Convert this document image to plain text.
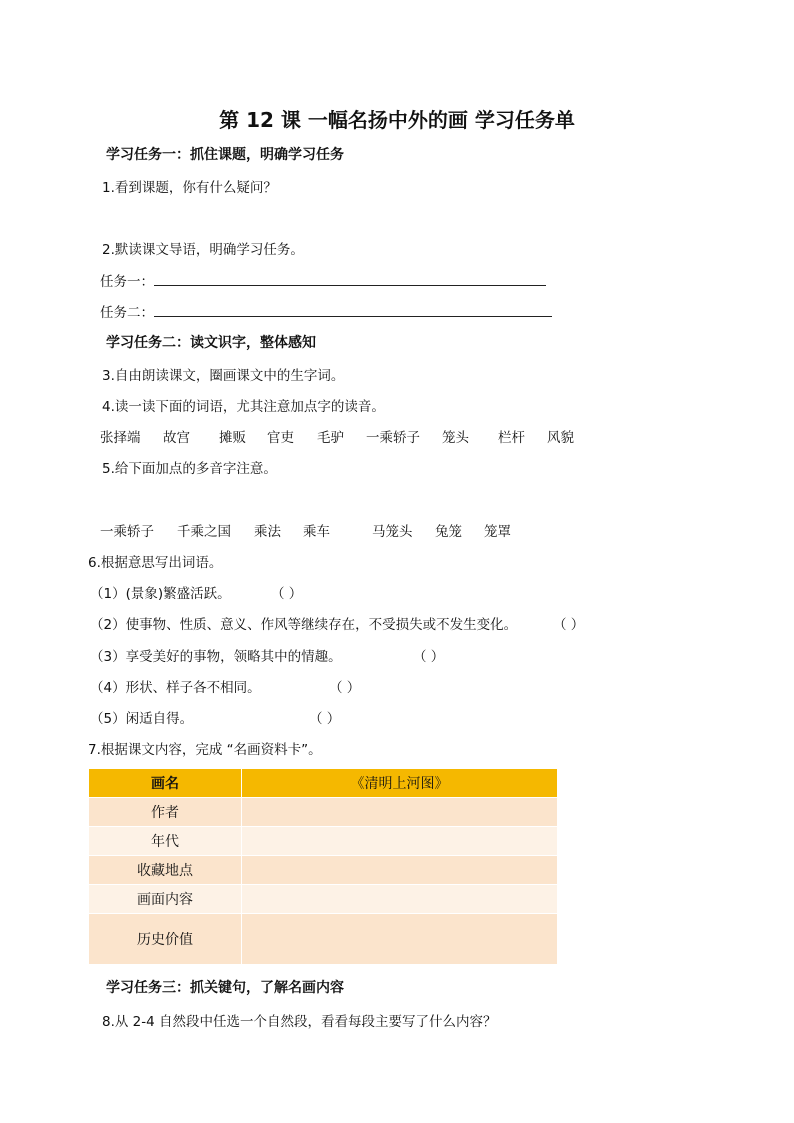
第 12 课 一幅名扬中外的画 学习任务单
学习任务一：抓住课题，明确学习任务
1.看到课题，你有什么疑问？
2.默读课文导语，明确学习任务。
任务一：
任务二：
学习任务二：读文识字，整体感知
3.自由朗读课文，圈画课文中的生字词。
4.读一读下面的词语，尤其注意加点字的读音。
张择端 故宫 摊贩 官吏 毛驴 一乘轿子 笼头 栏杆 风貌
5.给下面加点的多音字注意。
一乘轿子 千乘之国 乘法 乘车	马笼头 兔笼 笼罩
6.根据意思写出词语。
（1）(景象)繁盛活跃。	（ ）
（2）使事物、性质、意义、作风等继续存在，不受损失或不发生变化。	（ ）
（3）享受美好的事物，领略其中的情趣。	（ ）
（4）形状、样子各不相同。	（ ）
（5）闲适自得。	（ ）
7.根据课文内容，完成 “名画资料卡”。
画名	《清明上河图》
作者	
年代	
收藏地点	
画面内容	
历史价值	
学习任务三：抓关键句，了解名画内容
8.从 2-4 自然段中任选一个自然段，看看每段主要写了什么内容？
